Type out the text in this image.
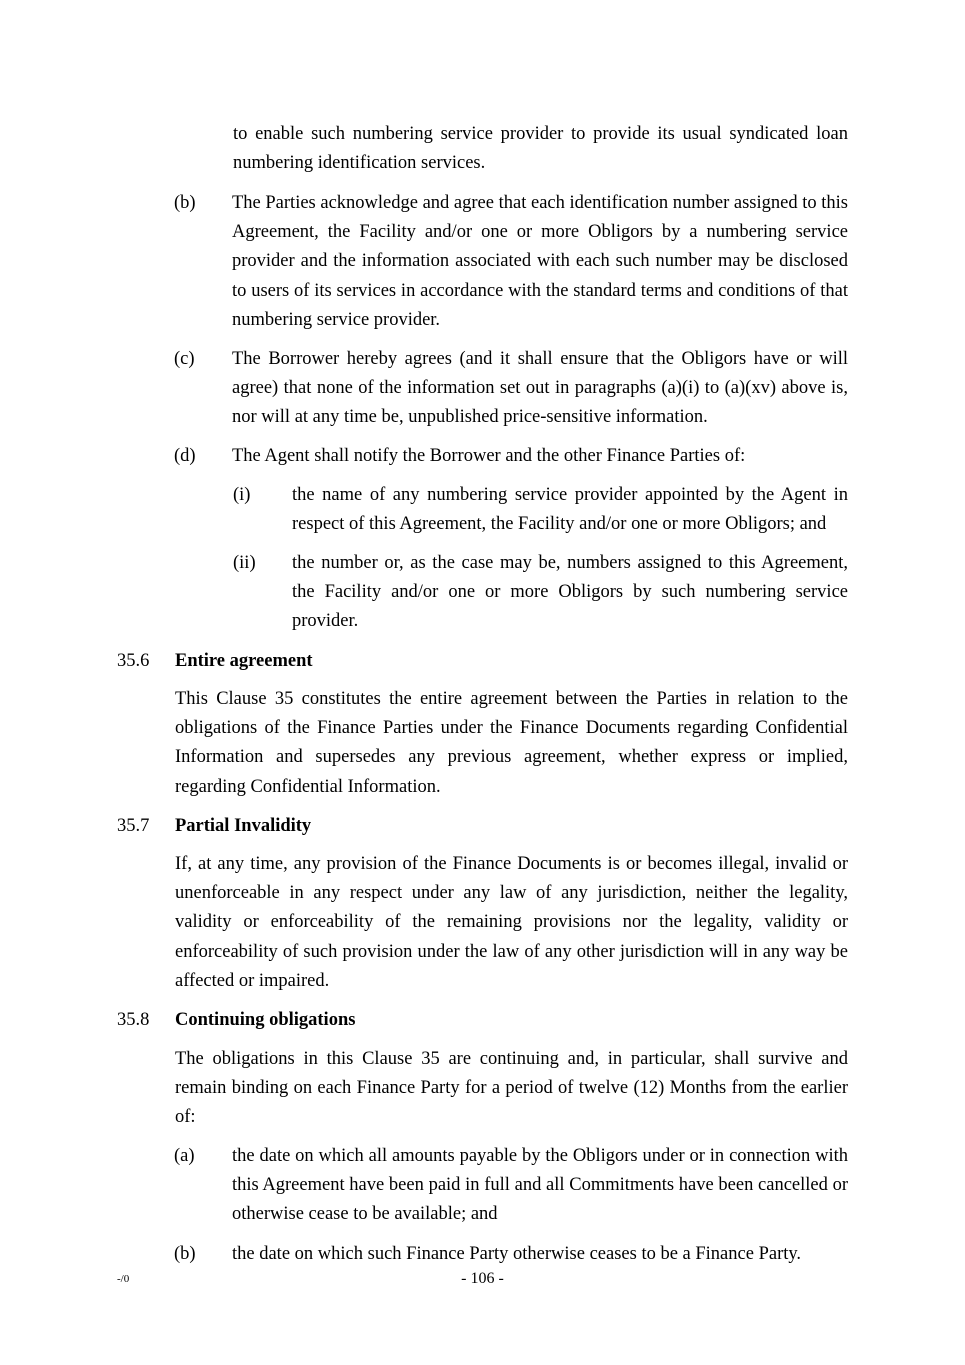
to enable such numbering service provider to provide its usual syndicated loan numbering identification services.
(b) The Parties acknowledge and agree that each identification number assigned to this Agreement, the Facility and/or one or more Obligors by a numbering service provider and the information associated with each such number may be disclosed to users of its services in accordance with the standard terms and conditions of that numbering service provider.
(c) The Borrower hereby agrees (and it shall ensure that the Obligors have or will agree) that none of the information set out in paragraphs (a)(i) to (a)(xv) above is, nor will at any time be, unpublished price-sensitive information.
(d) The Agent shall notify the Borrower and the other Finance Parties of:
(i) the name of any numbering service provider appointed by the Agent in respect of this Agreement, the Facility and/or one or more Obligors; and
(ii) the number or, as the case may be, numbers assigned to this Agreement, the Facility and/or one or more Obligors by such numbering service provider.
35.6 Entire agreement
This Clause 35 constitutes the entire agreement between the Parties in relation to the obligations of the Finance Parties under the Finance Documents regarding Confidential Information and supersedes any previous agreement, whether express or implied, regarding Confidential Information.
35.7 Partial Invalidity
If, at any time, any provision of the Finance Documents is or becomes illegal, invalid or unenforceable in any respect under any law of any jurisdiction, neither the legality, validity or enforceability of the remaining provisions nor the legality, validity or enforceability of such provision under the law of any other jurisdiction will in any way be affected or impaired.
35.8 Continuing obligations
The obligations in this Clause 35 are continuing and, in particular, shall survive and remain binding on each Finance Party for a period of twelve (12) Months from the earlier of:
(a) the date on which all amounts payable by the Obligors under or in connection with this Agreement have been paid in full and all Commitments have been cancelled or otherwise cease to be available; and
(b) the date on which such Finance Party otherwise ceases to be a Finance Party.
-/0	- 106 -
